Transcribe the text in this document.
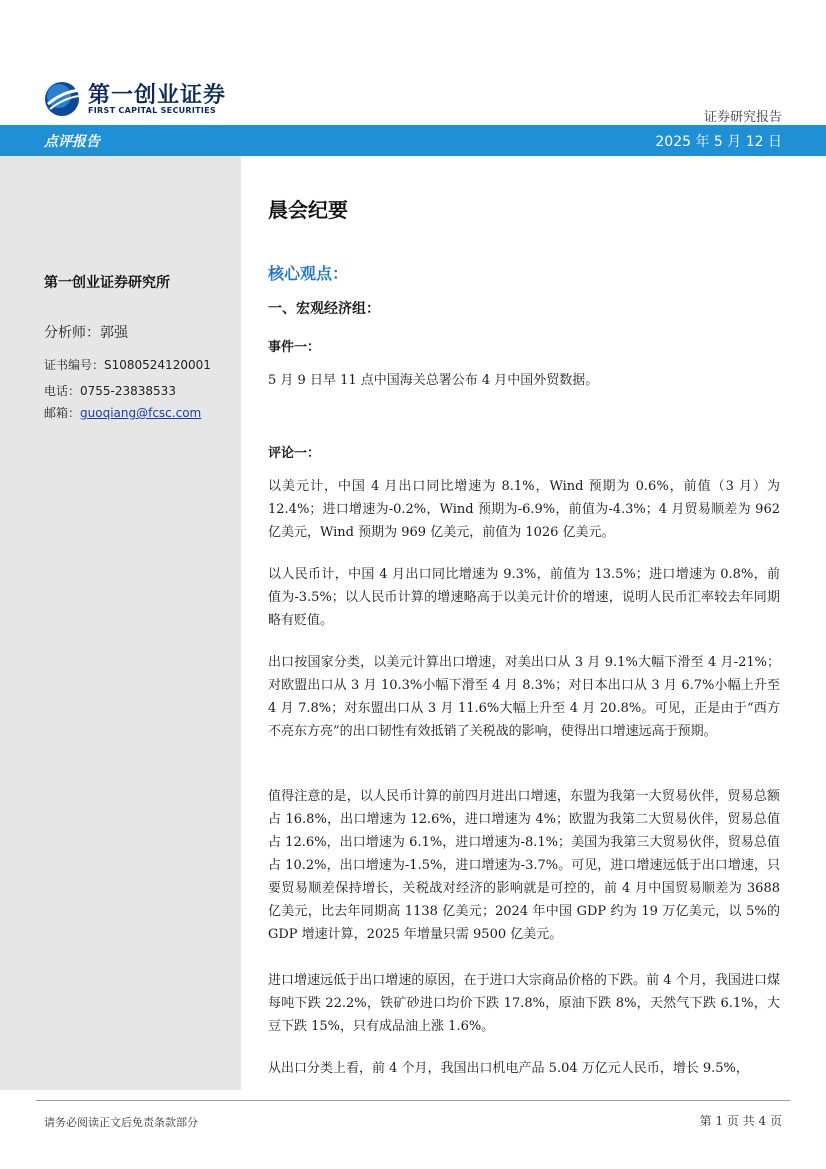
第一创业证券
FIRST CAPITAL SECURITIES	证券研究报告
点评报告	2025 年 5 月 12 日
第一创业证券研究所
分析师：郭强
证书编号：S1080524120001
电话：0755-23838533
邮箱：guoqiang@fcsc.com
晨会纪要
核心观点：
一、宏观经济组：
事件一：
5 月 9 日早 11 点中国海关总署公布 4 月中国外贸数据。
评论一：
以美元计，中国 4 月出口同比增速为 8.1%，Wind 预期为 0.6%，前值（3 月）为 12.4%；进口增速为-0.2%，Wind 预期为-6.9%，前值为-4.3%；4 月贸易顺差为 962 亿美元，Wind 预期为 969 亿美元，前值为 1026 亿美元。
以人民币计，中国 4 月出口同比增速为 9.3%，前值为 13.5%；进口增速为 0.8%，前值为-3.5%；以人民币计算的增速略高于以美元计价的增速，说明人民币汇率较去年同期略有贬值。
出口按国家分类，以美元计算出口增速，对美出口从 3 月 9.1%大幅下滑至 4 月-21%；对欧盟出口从 3 月 10.3%小幅下滑至 4 月 8.3%；对日本出口从 3 月 6.7%小幅上升至 4 月 7.8%；对东盟出口从 3 月 11.6%大幅上升至 4 月 20.8%。可见，正是由于“西方不亮东方亮”的出口韧性有效抵销了关税战的影响，使得出口增速远高于预期。
值得注意的是，以人民币计算的前四月进出口增速，东盟为我第一大贸易伙伴，贸易总额占 16.8%，出口增速为 12.6%，进口增速为 4%；欧盟为我第二大贸易伙伴，贸易总值占 12.6%，出口增速为 6.1%，进口增速为-8.1%；美国为我第三大贸易伙伴，贸易总值占 10.2%，出口增速为-1.5%，进口增速为-3.7%。可见，进口增速远低于出口增速，只要贸易顺差保持增长，关税战对经济的影响就是可控的，前 4 月中国贸易顺差为 3688 亿美元，比去年同期高 1138 亿美元；2024 年中国 GDP 约为 19 万亿美元，以 5%的 GDP 增速计算，2025 年增量只需 9500 亿美元。
进口增速远低于出口增速的原因，在于进口大宗商品价格的下跌。前 4 个月，我国进口煤每吨下跌 22.2%，铁矿砂进口均价下跌 17.8%，原油下跌 8%，天然气下跌 6.1%，大豆下跌 15%，只有成品油上涨 1.6%。
从出口分类上看，前 4 个月，我国出口机电产品 5.04 万亿元人民币，增长 9.5%，
请务必阅读正文后免责条款部分	第 1 页 共 4 页
